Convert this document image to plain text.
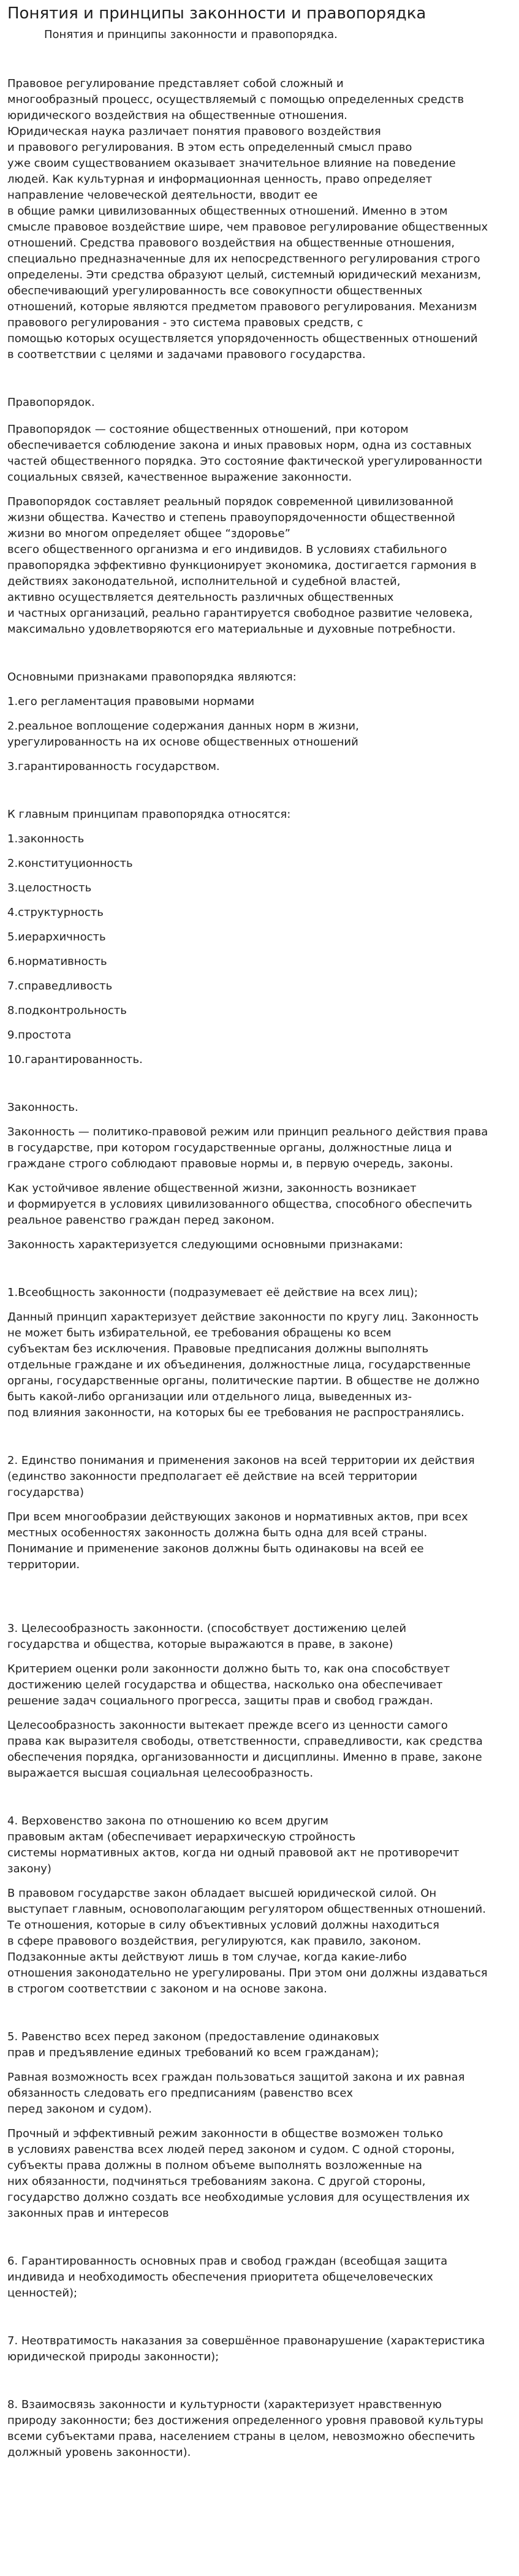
Понятия и принципы законности и правопорядка

Понятия и принципы законности и правопорядка.

Правовое регулирование представляет собой сложный и
многообразный процесс, осуществляемый с помощью определенных средств
юридического воздействия на общественные отношения.
Юридическая наука различает понятия правового воздействия
и правового регулирования. В этом есть определенный смысл право
уже своим существованием оказывает значительное влияние на поведение
людей. Как культурная и информационная ценность, право определяет
направление человеческой деятельности, вводит ее
в общие рамки цивилизованных общественных отношений. Именно в этом
смысле правовое воздействие шире, чем правовое регулирование общественных
отношений. Средства правового воздействия на общественные отношения,
специально предназначенные для их непосредственного регулирования строго
определены. Эти средства образуют целый, системный юридический механизм,
обеспечивающий урегулированность все совокупности общественных
отношений, которые являются предметом правового регулирования. Механизм
правового регулирования - это система правовых средств, с
помощью которых осуществляется упорядоченность общественных отношений
в соответствии с целями и задачами правового государства.

Правопорядок.

Правопорядок — состояние общественных отношений, при котором
обеспечивается соблюдение закона и иных правовых норм, одна из составных
частей общественного порядка. Это состояние фактической урегулированности
социальных связей, качественное выражение законности.

Правопорядок составляет реальный порядок современной цивилизованной
жизни общества. Качество и степень правоупорядоченности общественной
жизни во многом определяет общее “здоровье”
всего общественного организма и его индивидов. В условиях стабильного
правопорядка эффективно функционирует экономика, достигается гармония в
действиях законодательной, исполнительной и судебной властей,
активно осуществляется деятельность различных общественных
и частных организаций, реально гарантируется свободное развитие человека,
максимально удовлетворяются его материальные и духовные потребности.

Основными признаками правопорядка являются:

1.его регламентация правовыми нормами

2.реальное воплощение содержания данных норм в жизни,
урегулированность на их основе общественных отношений

3.гарантированность государством.

К главным принципам правопорядка относятся:

1.законность

2.конституционность

3.целостность

4.структурность

5.иерархичность

6.нормативность

7.справедливость

8.подконтрольность

9.простота

10.гарантированность.

Законность.

Законность — политико-правовой режим или принцип реального действия права
в государстве, при котором государственные органы, должностные лица и
граждане строго соблюдают правовые нормы и, в первую очередь, законы.

Как устойчивое явление общественной жизни, законность возникает
и формируется в условиях цивилизованного общества, способного обеспечить
реальное равенство граждан перед законом.

Законность характеризуется следующими основными признаками:

1.Всеобщность законности (подразумевает её действие на всех лиц);

Данный принцип характеризует действие законности по кругу лиц. Законность
не может быть избирательной, ее требования обращены ко всем
субъектам без исключения. Правовые предписания должны выполнять
отдельные граждане и их объединения, должностные лица, государственные
органы, государственные органы, политические партии. В обществе не должно
быть какой-либо организации или отдельного лица, выведенных из-
под влияния законности, на которых бы ее требования не распространялись.

2. Единство понимания и применения законов на всей территории их действия
(единство законности предполагает её действие на всей территории
государства)

При всем многообразии действующих законов и нормативных актов, при всех
местных особенностях законность должна быть одна для всей страны.
Понимание и применение законов должны быть одинаковы на всей ее
территории.

3. Целесообразность законности. (способствует достижению целей
государства и общества, которые выражаются в праве, в законе)

Критерием оценки роли законности должно быть то, как она способствует
достижению целей государства и общества, насколько она обеспечивает
решение задач социального прогресса, защиты прав и свобод граждан.

Целесообразность законности вытекает прежде всего из ценности самого
права как выразителя свободы, ответственности, справедливости, как средства
обеспечения порядка, организованности и дисциплины. Именно в праве, законе
выражается высшая социальная целесообразность.

4. Верховенство закона по отношению ко всем другим
правовым актам (обеспечивает иерархическую стройность
системы нормативных актов, когда ни одный правовой акт не противоречит
закону)

В правовом государстве закон обладает высшей юридической силой. Он
выступает главным, основополагающим регулятором общественных отношений.
Те отношения, которые в силу объективных условий должны находиться
в сфере правового воздействия, регулируются, как правило, законом.
Подзаконные акты действуют лишь в том случае, когда какие-либо
отношения законодательно не урегулированы. При этом они должны издаваться
в строгом соответствии с законом и на основе закона.

5. Равенство всех перед законом (предоставление одинаковых
прав и предъявление единых требований ко всем гражданам);

Равная возможность всех граждан пользоваться защитой закона и их равная
обязанность следовать его предписаниям (равенство всех
перед законом и судом).

Прочный и эффективный режим законности в обществе возможен только
в условиях равенства всех людей перед законом и судом. С одной стороны,
субъекты права должны в полном объеме выполнять возложенные на
них обязанности, подчиняться требованиям закона. С другой стороны,
государство должно создать все необходимые условия для осуществления их
законных прав и интересов

6. Гарантированность основных прав и свобод граждан (всеобщая защита
индивида и необходимость обеспечения приоритета общечеловеческих
ценностей);

7. Неотвратимость наказания за совершённое правонарушение (характеристика
юридической природы законности);

8. Взаимосвязь законности и культурности (характеризует нравственную
природу законности; без достижения определенного уровня правовой культуры
всеми субъектами права, населением страны в целом, невозможно обеспечить
должный уровень законности).
